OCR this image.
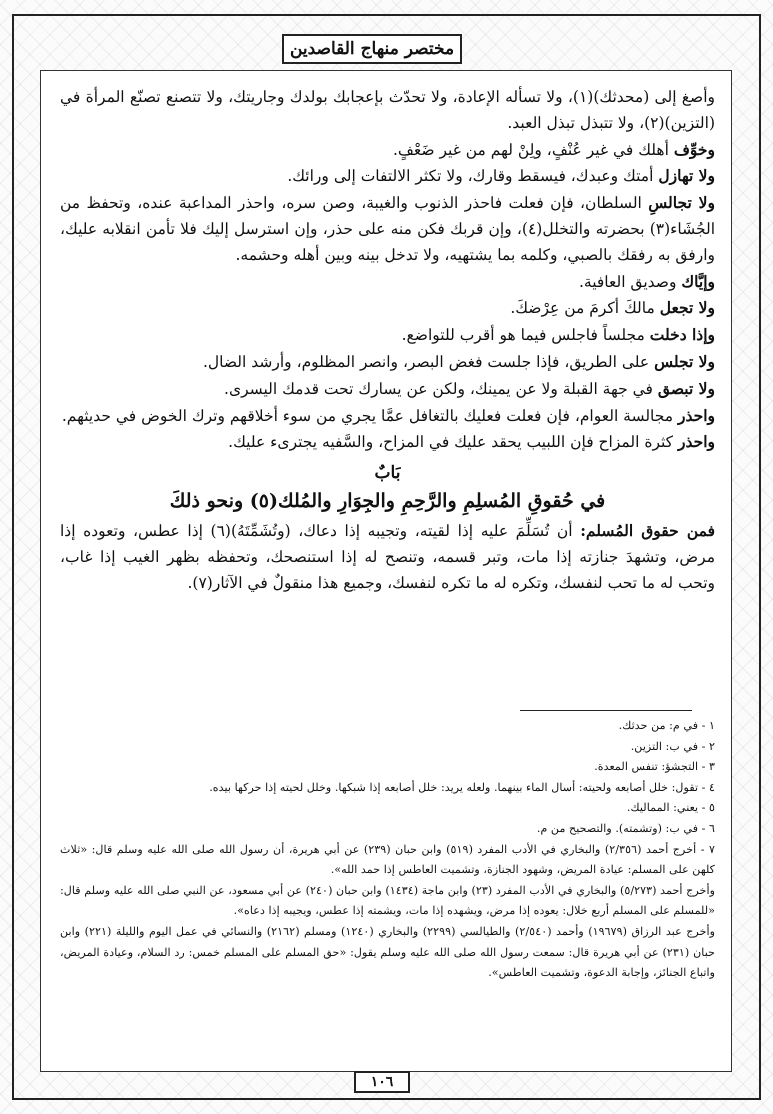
مختصر منهاج القاصدين

وأصغ إلى (محدثك)(١)، ولا تسأله الإعادة، ولا تحدّث بإعجابك بولدك وجاريتك، ولا تتصنع تصنّع المرأة في (التزين)(٢)، ولا تتبذل تبذل العبد.

وخوِّف أهلك في غير عُنْفٍ، ولِنْ لهم من غير ضَعْفٍ.

ولا تهازل أمتك وعبدك، فيسقط وقارك، ولا تكثر الالتفات إلى ورائك.

ولا تجالسِ السلطان، فإن فعلت فاحذر الذنوب والغيبة، وصن سره، واحذر المداعبة عنده، وتحفظ من الجُشَاء(٣) بحضرته والتخلل(٤)، وإن قربك فكن منه على حذر، وإن استرسل إليك فلا تأمن انقلابه عليك، وارفق به رفقك بالصبي، وكلمه بما يشتهيه، ولا تدخل بينه وبين أهله وحشمه.

وإيَّاك وصديق العافية.

ولا تجعل مالكَ أكرمَ من عِرْضكَ.

وإذا دخلت مجلساً فاجلس فيما هو أقرب للتواضع.

ولا تجلس على الطريق، فإذا جلست فغض البصر، وانصر المظلوم، وأرشد الضال.

ولا تبصق في جهة القبلة ولا عن يمينك، ولكن عن يسارك تحت قدمك اليسرى.

واحذر مجالسة العوام، فإن فعلت فعليك بالتغافل عمَّا يجري من سوء أخلاقهم وترك الخوض في حديثهم.

واحذر كثرة المزاح فإن اللبيب يحقد عليك في المزاح، والسَّفيه يجترىء عليك.

بَابٌ
في حُقوقِ المُسلِمِ والرَّحِمِ والجِوَارِ والمُلك(٥) ونحو ذلكَ

فمن حقوق المُسلم: أن تُسَلِّمَ عليه إذا لقيته، وتجيبه إذا دعاك، (وتُشَمِّتَهُ)(٦) إذا عطس، وتعوده إذا مرض، وتشهدَ جنازته إذا مات، وتبر قسمه، وتنصح له إذا استنصحك، وتحفظه بظهر الغيب إذا غاب، وتحب له ما تحب لنفسك، وتكره له ما تكره لنفسك، وجميع هذا منقولٌ في الآثار(٧).

١ - في م: من حدثك.

٢ - في ب: التزين.

٣ - التجشؤ: تنفس المعدة.

٤ - تقول: خلل أصابعه ولحيته: أسال الماء بينهما. ولعله يريد: خلل أصابعه إذا شبكها. وخلل لحيته إذا حركها بيده.

٥ - يعني: المماليك.

٦ - في ب: (وتشمته). والتصحيح من م.

٧ - أخرج أحمد (٢/٣٥٦) والبخاري في الأدب المفرد (٥١٩) وابن حبان (٢٣٩) عن أبي هريرة، أن رسول الله صلى الله عليه وسلم قال: «ثلاث كلهن على المسلم: عيادة المريض، وشهود الجنازة، وتشميت العاطس إذا حمد الله».

وأخرج أحمد (٥/٢٧٣) والبخاري في الأدب المفرد (٢٣) وابن ماجة (١٤٣٤) وابن حبان (٢٤٠) عن أبي مسعود، عن النبي صلى الله عليه وسلم قال: «للمسلم على المسلم أربع خلال: يعوده إذا مرض، ويشهده إذا مات، ويشمته إذا عطس، ويجيبه إذا دعاه».

وأخرج عبد الرزاق (١٩٦٧٩) وأحمد (٢/٥٤٠) والطيالسي (٢٢٩٩) والبخاري (١٢٤٠) ومسلم (٢١٦٢) والنسائي في عمل اليوم والليلة (٢٢١) وابن حبان (٢٣١) عن أبي هريرة قال: سمعت رسول الله صلى الله عليه وسلم يقول: «حق المسلم على المسلم خمس: رد السلام، وعيادة المريض، واتباع الجنائز، وإجابة الدعوة، وتشميت العاطس».

١٠٦
